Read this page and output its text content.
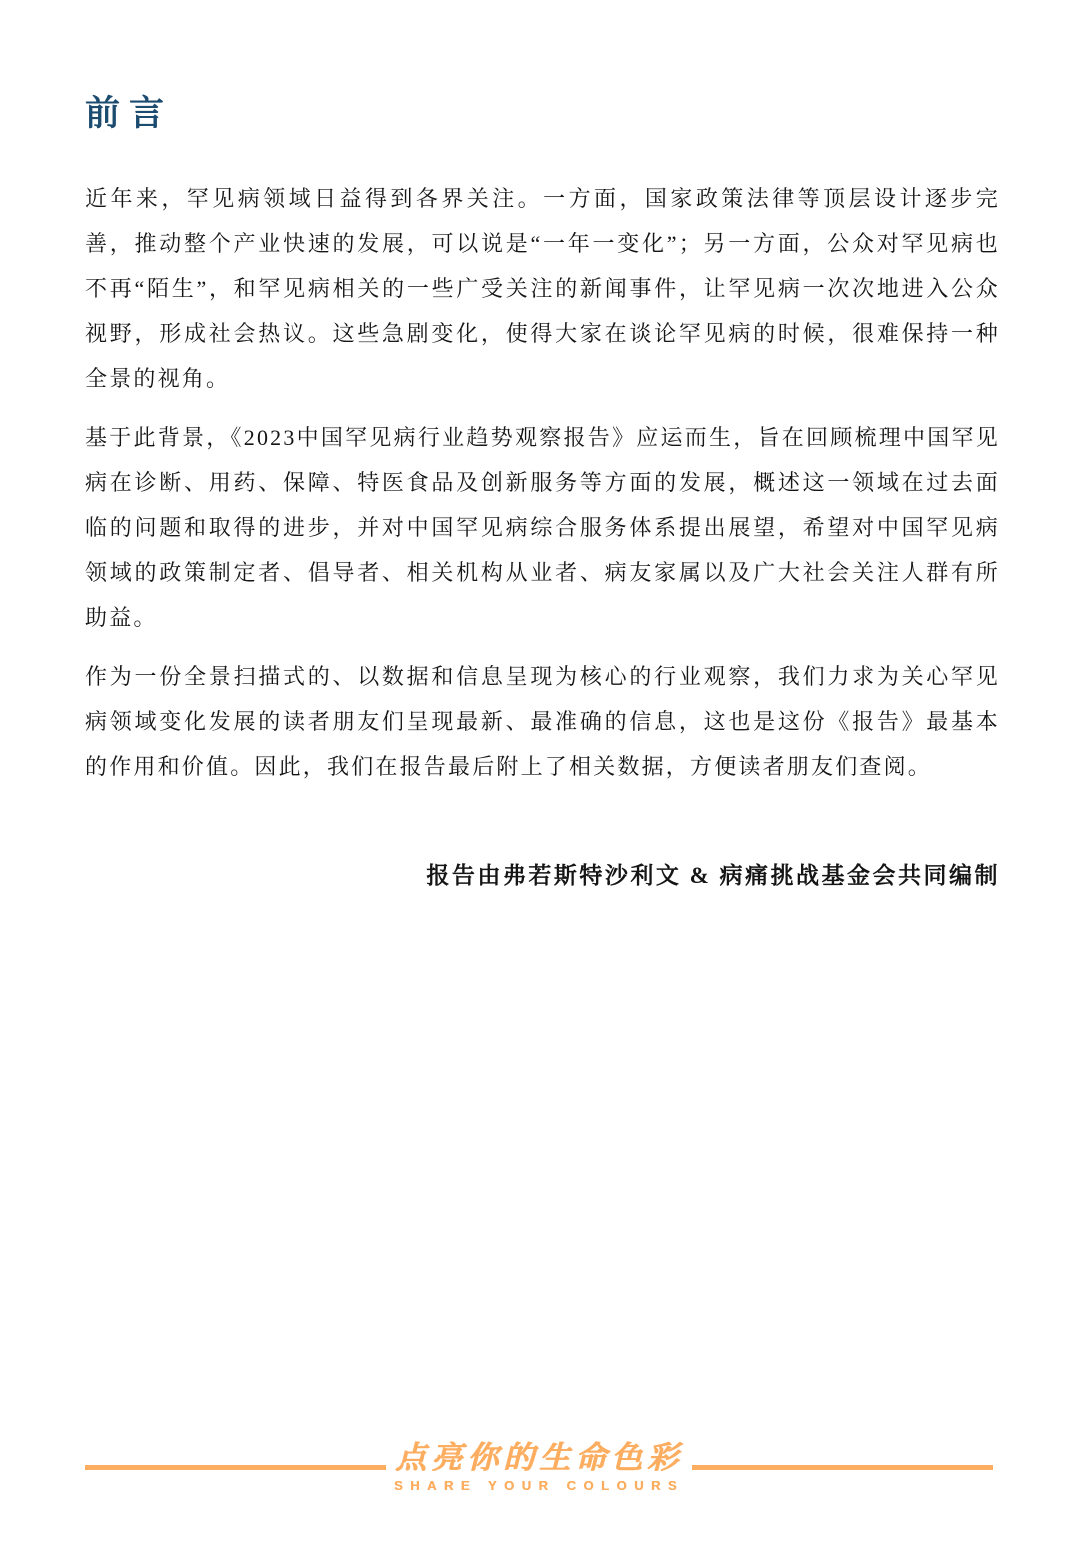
前言

近年来，罕见病领域日益得到各界关注。一方面，国家政策法律等顶层设计逐步完善，推动整个产业快速的发展，可以说是“一年一变化”；另一方面，公众对罕见病也不再“陌生”，和罕见病相关的一些广受关注的新闻事件，让罕见病一次次地进入公众视野，形成社会热议。这些急剧变化，使得大家在谈论罕见病的时候，很难保持一种全景的视角。

基于此背景，《2023中国罕见病行业趋势观察报告》应运而生，旨在回顾梳理中国罕见病在诊断、用药、保障、特医食品及创新服务等方面的发展，概述这一领域在过去面临的问题和取得的进步，并对中国罕见病综合服务体系提出展望，希望对中国罕见病领域的政策制定者、倡导者、相关机构从业者、病友家属以及广大社会关注人群有所助益。

作为一份全景扫描式的、以数据和信息呈现为核心的行业观察，我们力求为关心罕见病领域变化发展的读者朋友们呈现最新、最准确的信息，这也是这份《报告》最基本的作用和价值。因此，我们在报告最后附上了相关数据，方便读者朋友们查阅。

报告由弗若斯特沙利文 & 病痛挑战基金会共同编制

点亮你的生命色彩
SHARE YOUR COLOURS
